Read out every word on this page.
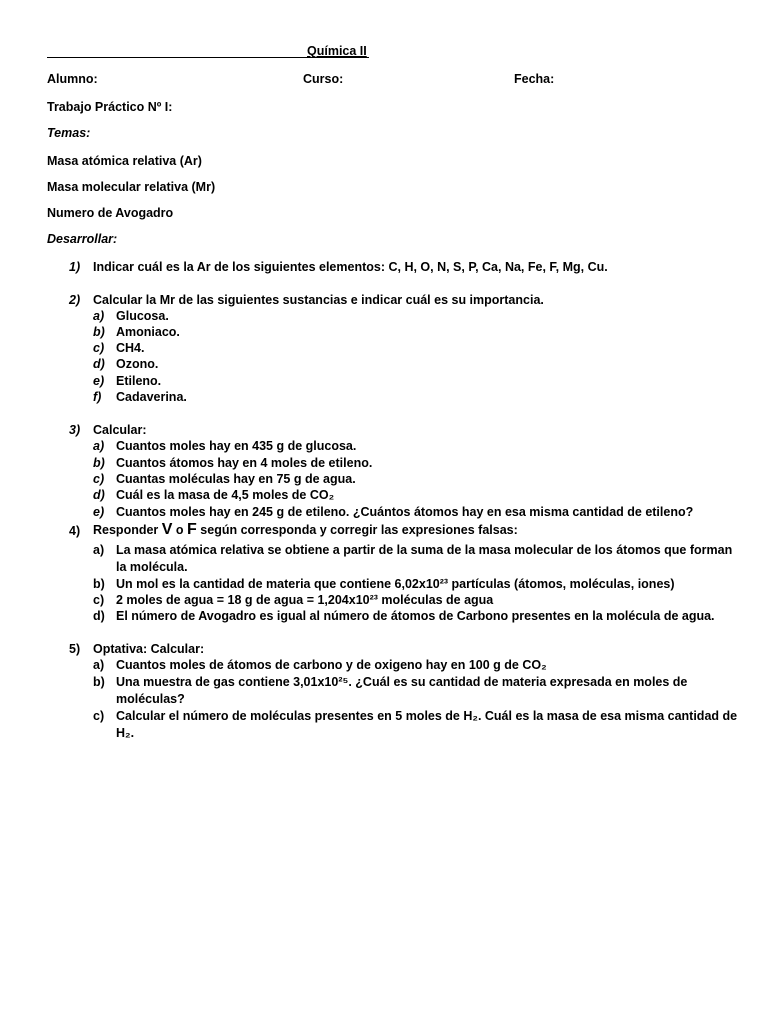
Química II
Alumno:	Curso:	Fecha:
Trabajo Práctico Nº I:
Temas:
Masa atómica relativa (Ar)
Masa molecular relativa (Mr)
Numero de Avogadro
Desarrollar:
1)	Indicar cuál es la Ar de los siguientes elementos: C, H, O, N, S, P, Ca, Na, Fe, F, Mg, Cu.
2)	Calcular la Mr de las siguientes sustancias e indicar cuál es su importancia.
a) Glucosa.
b) Amoniaco.
c) CH4.
d) Ozono.
e) Etileno.
f)	Cadaverina.
3)	Calcular:
a) Cuantos moles hay en 435 g de glucosa.
b) Cuantos átomos hay en 4 moles de etileno.
c) Cuantas moléculas hay en 75 g de agua.
d) Cuál es la masa de 4,5 moles de CO₂
e) Cuantos moles hay en 245 g de etileno. ¿Cuántos átomos hay en esa misma cantidad de etileno?
4)	Responder V o F según corresponda y corregir las expresiones falsas:
a) La masa atómica relativa se obtiene a partir de la suma de la masa molecular de los átomos que forman
la molécula.
b) Un mol es la cantidad de materia que contiene 6,02x10²³ partículas (átomos, moléculas, iones)
c) 2 moles de agua = 18 g de agua = 1,204x10²³ moléculas de agua
d) El número de Avogadro es igual al número de átomos de Carbono presentes en la molécula de agua.
5)	Optativa: Calcular:
a) Cuantos moles de átomos de carbono y de oxigeno hay en 100 g de CO₂
b) Una muestra de gas contiene 3,01x10²⁵. ¿Cuál es su cantidad de materia expresada en moles de
moléculas?
c) Calcular el número de moléculas presentes en 5 moles de H₂. Cuál es la masa de esa misma cantidad de
H₂.
